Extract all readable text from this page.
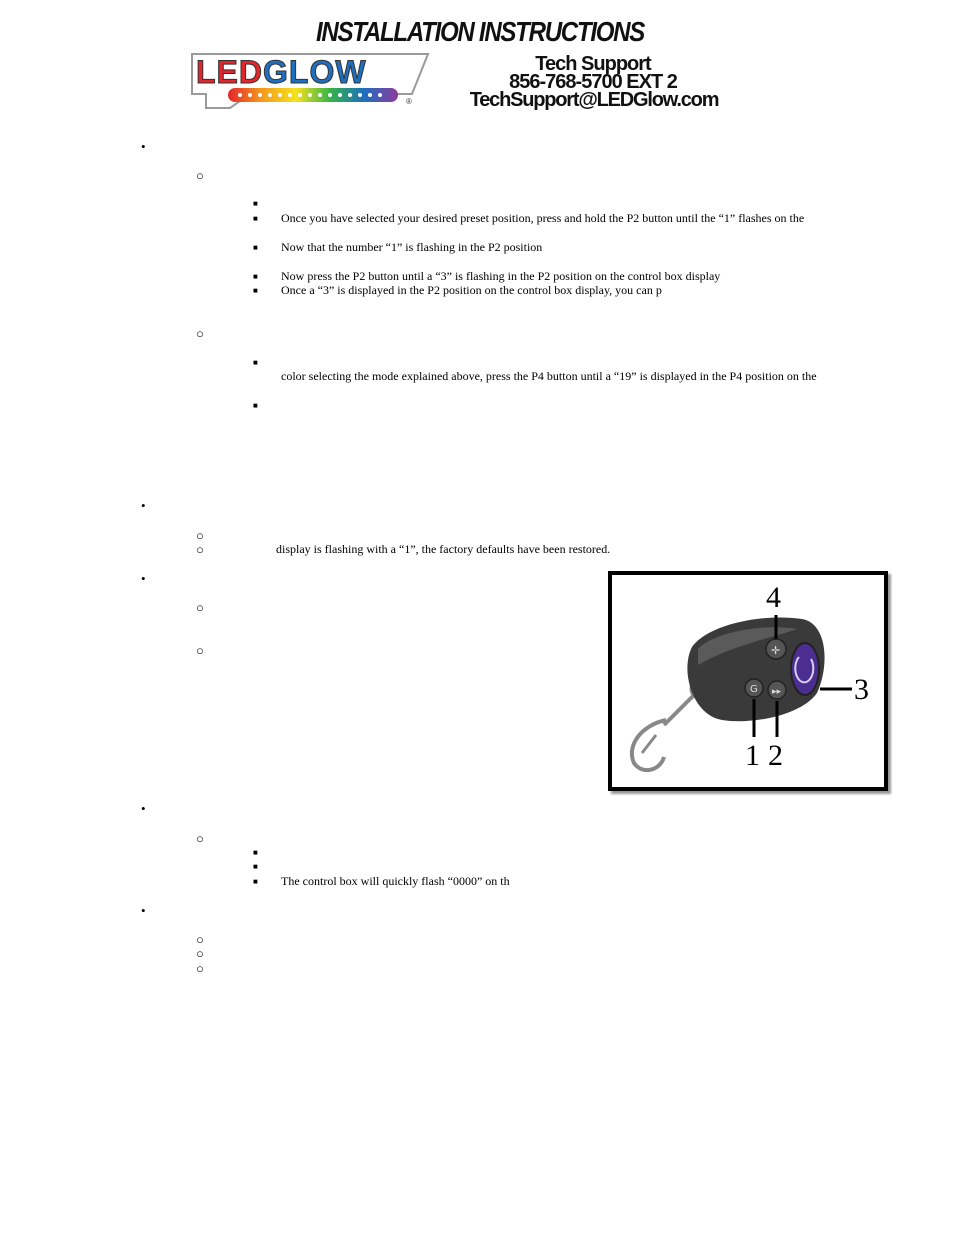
INSTALLATION INSTRUCTIONS
®
LEDGLOW	Tech Support
856-768-5700 EXT 2
TechSupport@LEDGlow.com
•
○
■
■
■
■
■
○
■
■
•
○
○
•
○
○
•
○
■
■
■
•
○
○
○
Once you have selected your desired preset position, press and hold the P2 button until the “1” flashes on the
Now that the number “1” is flashing in the P2 position
Now press the P2 button until a “3” is flashing in the P2 position on the control box display
Once a “3” is displayed in the P2 position on the control box display, you can p
color selecting the mode explained above, press the P4 button until a “19” is displayed in the P4 position on the
display is flashing with a “1”, the factory defaults have been restored.
The control box will quickly flash “0000” on th
✛
G ▸▸
4
3
1 2
